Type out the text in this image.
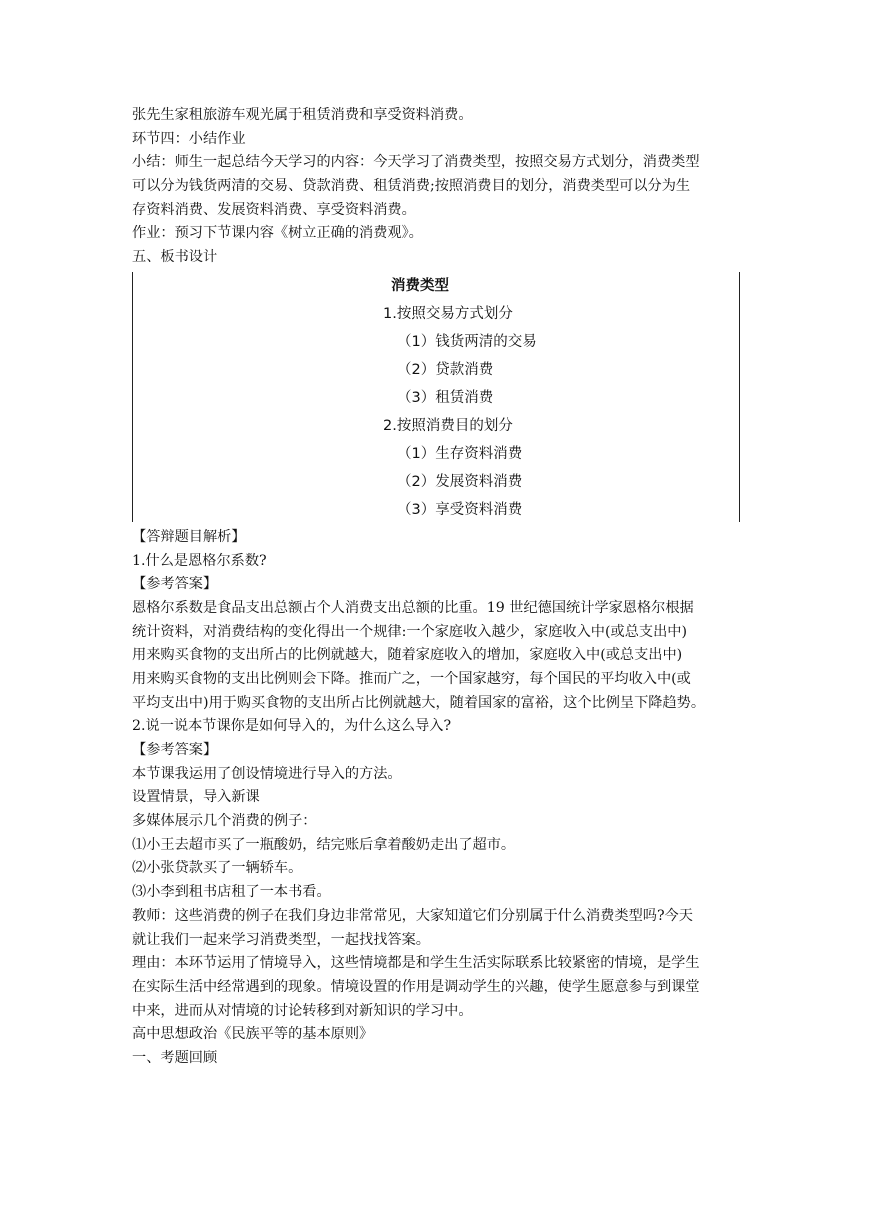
张先生家租旅游车观光属于租赁消费和享受资料消费。
环节四：小结作业
小结：师生一起总结今天学习的内容：今天学习了消费类型，按照交易方式划分，消费类型
可以分为钱货两清的交易、贷款消费、租赁消费;按照消费目的划分，消费类型可以分为生
存资料消费、发展资料消费、享受资料消费。
作业：预习下节课内容《树立正确的消费观》。
五、板书设计
消费类型
1.按照交易方式划分
（1）钱货两清的交易
（2）贷款消费
（3）租赁消费
2.按照消费目的划分
（1）生存资料消费
（2）发展资料消费
（3）享受资料消费
【答辩题目解析】
1.什么是恩格尔系数?
【参考答案】
恩格尔系数是食品支出总额占个人消费支出总额的比重。19 世纪德国统计学家恩格尔根据
统计资料，对消费结构的变化得出一个规律:一个家庭收入越少，家庭收入中(或总支出中)
用来购买食物的支出所占的比例就越大，随着家庭收入的增加，家庭收入中(或总支出中)
用来购买食物的支出比例则会下降。推而广之，一个国家越穷，每个国民的平均收入中(或
平均支出中)用于购买食物的支出所占比例就越大，随着国家的富裕，这个比例呈下降趋势。
2.说一说本节课你是如何导入的，为什么这么导入?
【参考答案】
本节课我运用了创设情境进行导入的方法。
设置情景，导入新课
多媒体展示几个消费的例子：
⑴小王去超市买了一瓶酸奶，结完账后拿着酸奶走出了超市。
⑵小张贷款买了一辆轿车。
⑶小李到租书店租了一本书看。
教师：这些消费的例子在我们身边非常常见，大家知道它们分别属于什么消费类型吗?今天
就让我们一起来学习消费类型，一起找找答案。
理由：本环节运用了情境导入，这些情境都是和学生生活实际联系比较紧密的情境，是学生
在实际生活中经常遇到的现象。情境设置的作用是调动学生的兴趣，使学生愿意参与到课堂
中来，进而从对情境的讨论转移到对新知识的学习中。
高中思想政治《民族平等的基本原则》
一、考题回顾
